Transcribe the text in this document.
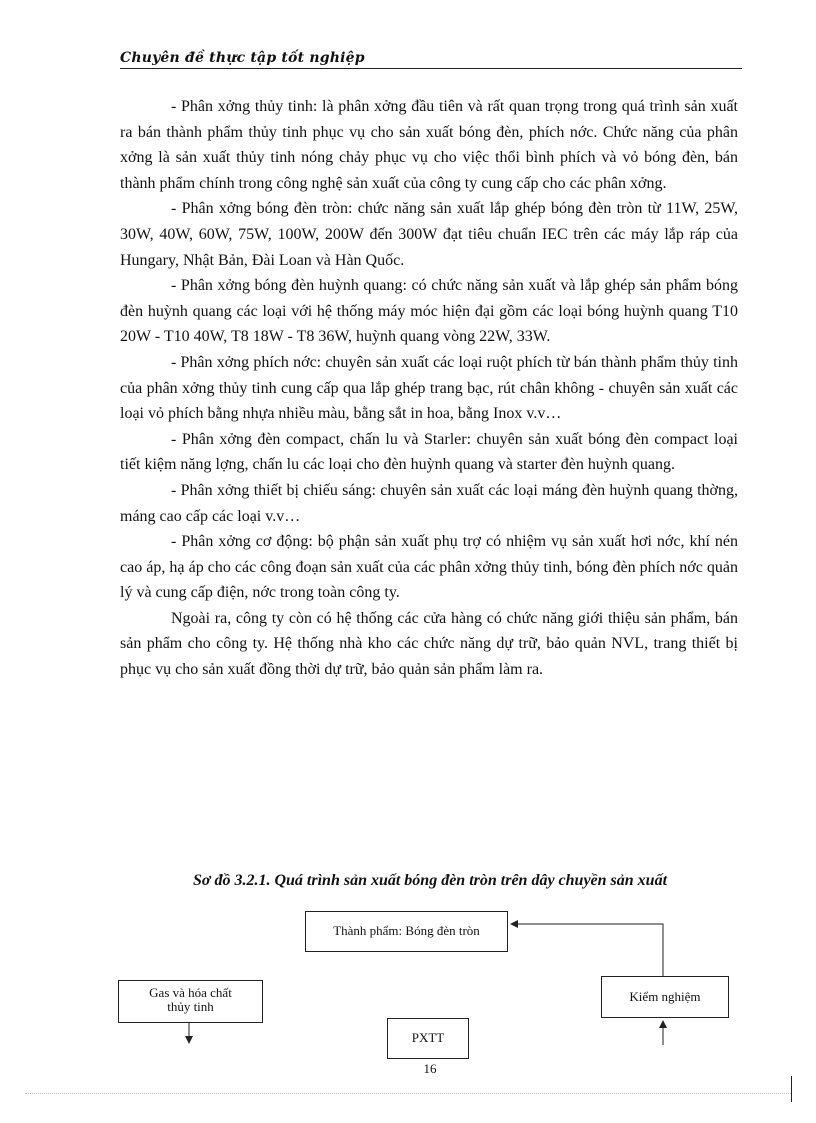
Chuyên đề thực tập tốt nghiệp

- Phân xởng thủy tinh: là phân xởng đầu tiên và rất quan trọng trong quá trình sản xuất ra bán thành phẩm thủy tinh phục vụ cho sản xuất bóng đèn, phích nớc. Chức năng của phân xởng là sản xuất thủy tinh nóng chảy phục vụ cho việc thổi bình phích và vỏ bóng đèn, bán thành phẩm chính trong công nghệ sản xuất của công ty cung cấp cho các phân xởng.

- Phân xởng bóng đèn tròn: chức năng sản xuất lắp ghép bóng đèn tròn từ 11W, 25W, 30W, 40W, 60W, 75W, 100W, 200W đến 300W đạt tiêu chuẩn IEC trên các máy lắp ráp của Hungary, Nhật Bản, Đài Loan và Hàn Quốc.

- Phân xởng bóng đèn huỳnh quang: có chức năng sản xuất và lắp ghép sản phẩm bóng đèn huỳnh quang các loại với hệ thống máy móc hiện đại gồm các loại bóng huỳnh quang T10 20W - T10 40W, T8 18W - T8 36W, huỳnh quang vòng 22W, 33W.

- Phân xởng phích nớc: chuyên sản xuất các loại ruột phích từ bán thành phẩm thủy tinh của phân xởng thủy tinh cung cấp qua lắp ghép trang bạc, rút chân không - chuyên sản xuất các loại vỏ phích bằng nhựa nhiều màu, bằng sắt in hoa, bằng Inox v.v…

- Phân xởng đèn compact, chấn lu và Starler: chuyên sản xuất bóng đèn compact loại tiết kiệm năng lợng, chấn lu các loại cho đèn huỳnh quang và starter đèn huỳnh quang.

- Phân xởng thiết bị chiếu sáng: chuyên sản xuất các loại máng đèn huỳnh quang thờng, máng cao cấp các loại v.v…

- Phân xởng cơ động: bộ phận sản xuất phụ trợ có nhiệm vụ sản xuất hơi nớc, khí nén cao áp, hạ áp cho các công đoạn sản xuất của các phân xởng thủy tinh, bóng đèn phích nớc quản lý và cung cấp điện, nớc trong toàn công ty.

Ngoài ra, công ty còn có hệ thống các cửa hàng có chức năng giới thiệu sản phẩm, bán sản phẩm cho công ty. Hệ thống nhà kho các chức năng dự trữ, bảo quản NVL, trang thiết bị phục vụ cho sản xuất đồng thời dự trữ, bảo quản sản phẩm làm ra.

Sơ đồ 3.2.1. Quá trình sản xuất bóng đèn tròn trên dây chuyền sản xuất
Thành phẩm: Bóng đèn tròn
Gas và hóa chất
thủy tinh
Kiểm nghiệm
PXTT
16
